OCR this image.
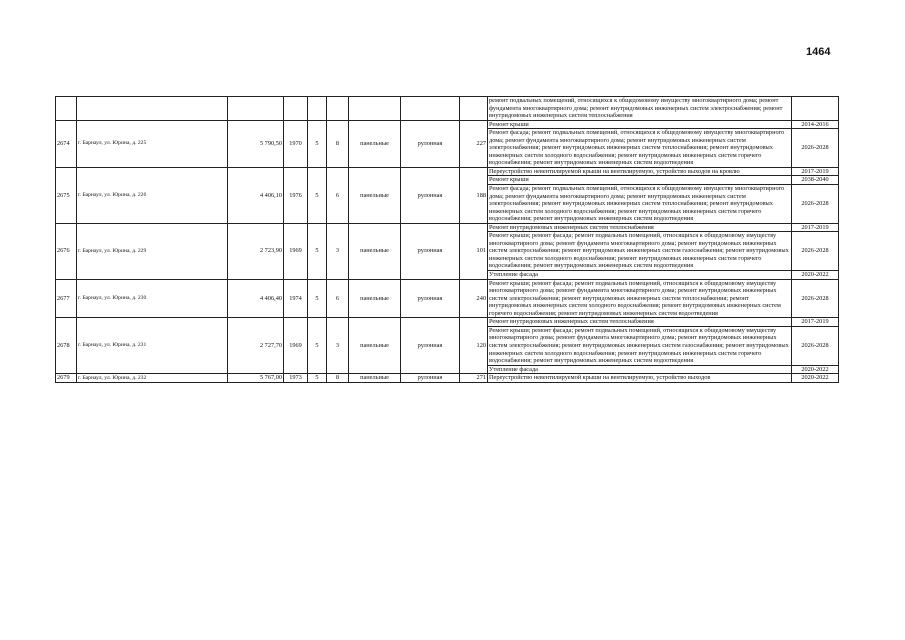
1464
									ремонт подвальных помещений, относящихся к общедомовому имуществу многоквартирного дома; ремонт фундамента многоквартирного дома; ремонт внутридомовых инженерных систем электроснабжения; ремонт внутридомовых инженерных систем теплоснабжения	
2674	г. Барнаул, ул. Юрина, д. 225	5 790,50	1970	5	8	панельные	рулонная	227	Ремонт крыши	2014-2016
									Ремонт фасада; ремонт подвальных помещений, относящихся к общедомовому имуществу многоквартирного дома; ремонт фундамента многоквартирного дома; ремонт внутридомовых инженерных систем электроснабжения; ремонт внутридомовых инженерных систем теплоснабжения; ремонт внутридомовых инженерных систем холодного водоснабжения; ремонт внутридомовых инженерных систем горячего водоснабжения; ремонт внутридомовых инженерных систем водоотведения	2026-2028
2675	г. Барнаул, ул. Юрина, д. 226	4 406,10	1976	5	6	панельные	рулонная	188	Переустройство невентилируемой крыши на вентилируемую, устройство выходов на кровлю	2017-2019
									Ремонт крыши	2038-2040
									Ремонт фасада; ремонт подвальных помещений, относящихся к общедомовому имуществу многоквартирного дома; ремонт фундамента многоквартирного дома; ремонт внутридомовых инженерных систем электроснабжения; ремонт внутридомовых инженерных систем теплоснабжения; ремонт внутридомовых инженерных систем холодного водоснабжения; ремонт внутридомовых инженерных систем горячего водоснабжения; ремонт внутридомовых инженерных систем водоотведения	2026-2028
2676	г. Барнаул, ул. Юрина, д. 229	2 723,90	1969	5	3	панельные	рулонная	101	Ремонт внутридомовых инженерных систем теплоснабжения	2017-2019
									Ремонт крыши; ремонт фасада; ремонт подвальных помещений, относящихся к общедомовому имуществу многоквартирного дома; ремонт фундамента многоквартирного дома; ремонт внутридомовых инженерных систем электроснабжения; ремонт внутридомовых инженерных систем газоснабжения; ремонт внутридомовых инженерных систем холодного водоснабжения; ремонт внутридомовых инженерных систем горячего водоснабжения; ремонт внутридомовых инженерных систем водоотведения	2026-2028
									Утепление фасада	2020-2022
2677	г. Барнаул, ул. Юрина, д. 230	4 406,40	1974	5	6	панельные	рулонная	240	Ремонт крыши; ремонт фасада; ремонт подвальных помещений, относящихся к общедомовому имуществу многоквартирного дома; ремонт фундамента многоквартирного дома; ремонт внутридомовых инженерных систем электроснабжения; ремонт внутридомовых инженерных систем теплоснабжения; ремонт внутридомовых инженерных систем холодного водоснабжения; ремонт внутридомовых инженерных систем горячего водоснабжения; ремонт внутридомовых инженерных систем водоотведения	2026-2028
2678	г. Барнаул, ул. Юрина, д. 231	2 727,70	1969	5	3	панельные	рулонная	120	Ремонт внутридомовых инженерных систем теплоснабжения	2017-2019
									Ремонт крыши; ремонт фасада; ремонт подвальных помещений, относящихся к общедомовому имуществу многоквартирного дома; ремонт фундамента многоквартирного дома; ремонт внутридомовых инженерных систем электроснабжения; ремонт внутридомовых инженерных систем газоснабжения; ремонт внутридомовых инженерных систем холодного водоснабжения; ремонт внутридомовых инженерных систем горячего водоснабжения; ремонт внутридомовых инженерных систем водоотведения	2026-2028
									Утепление фасада	2020-2022
2679	г. Барнаул, ул. Юрина, д. 232	5 767,00	1973	5	8	панельные	рулонная	271	Переустройство невентилируемой крыши на вентилируемую, устройство выходов	2020-2022
